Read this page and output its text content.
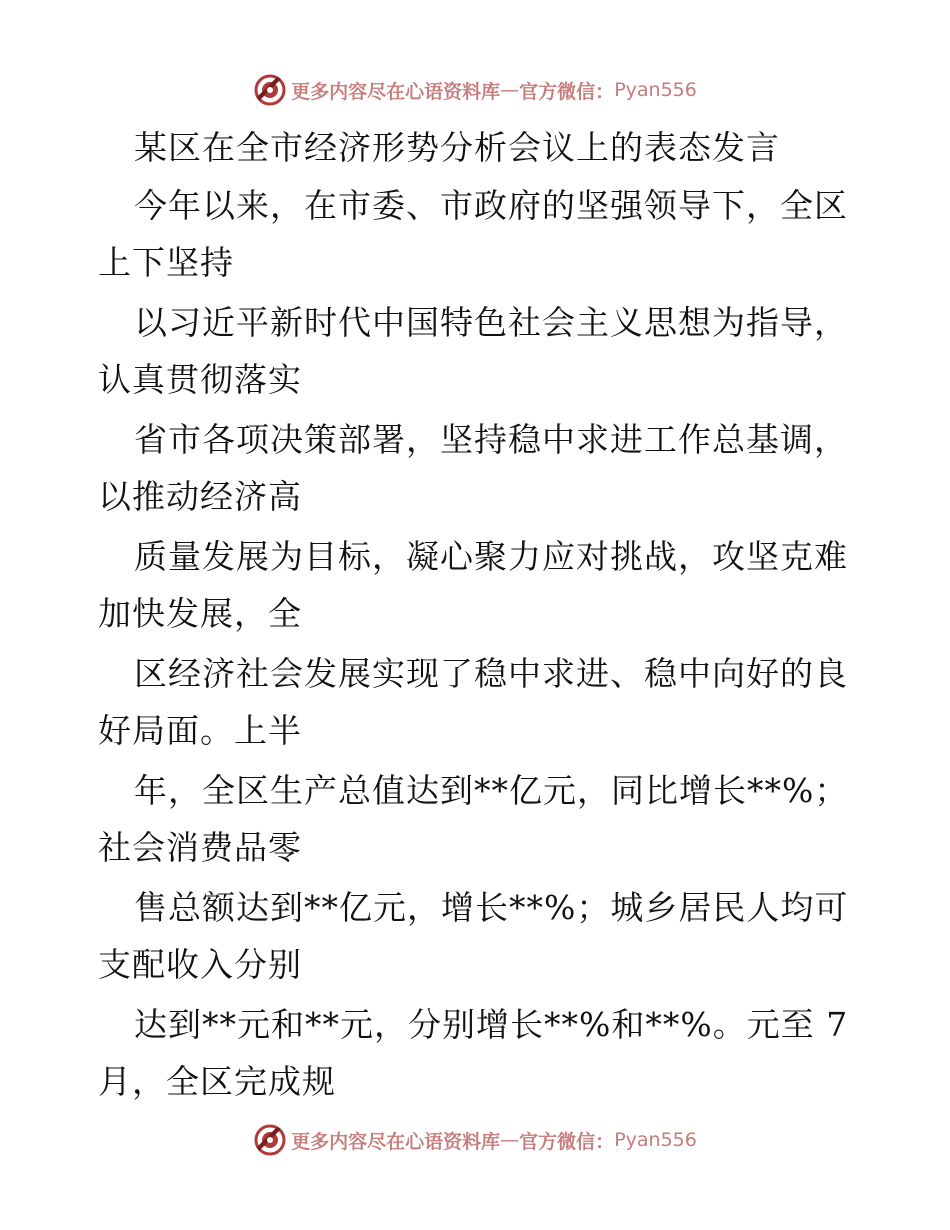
更多内容尽在心语资料库 — 官方微信： Pyan556
某区在全市经济形势分析会议上的表态发言
今年以来，在市委、市政府的坚强领导下，全区
上下坚持
以习近平新时代中国特色社会主义思想为指导，
认真贯彻落实
省市各项决策部署，坚持稳中求进工作总基调，
以推动经济高
质量发展为目标，凝心聚力应对挑战，攻坚克难
加快发展，全
区经济社会发展实现了稳中求进、稳中向好的良
好局面。上半
年，全区生产总值达到**亿元，同比增长**%；
社会消费品零
售总额达到**亿元，增长**%；城乡居民人均可
支配收入分别
达到**元和**元，分别增长**%和**%。元至 7
月，全区完成规
更多内容尽在心语资料库 — 官方微信： Pyan556
